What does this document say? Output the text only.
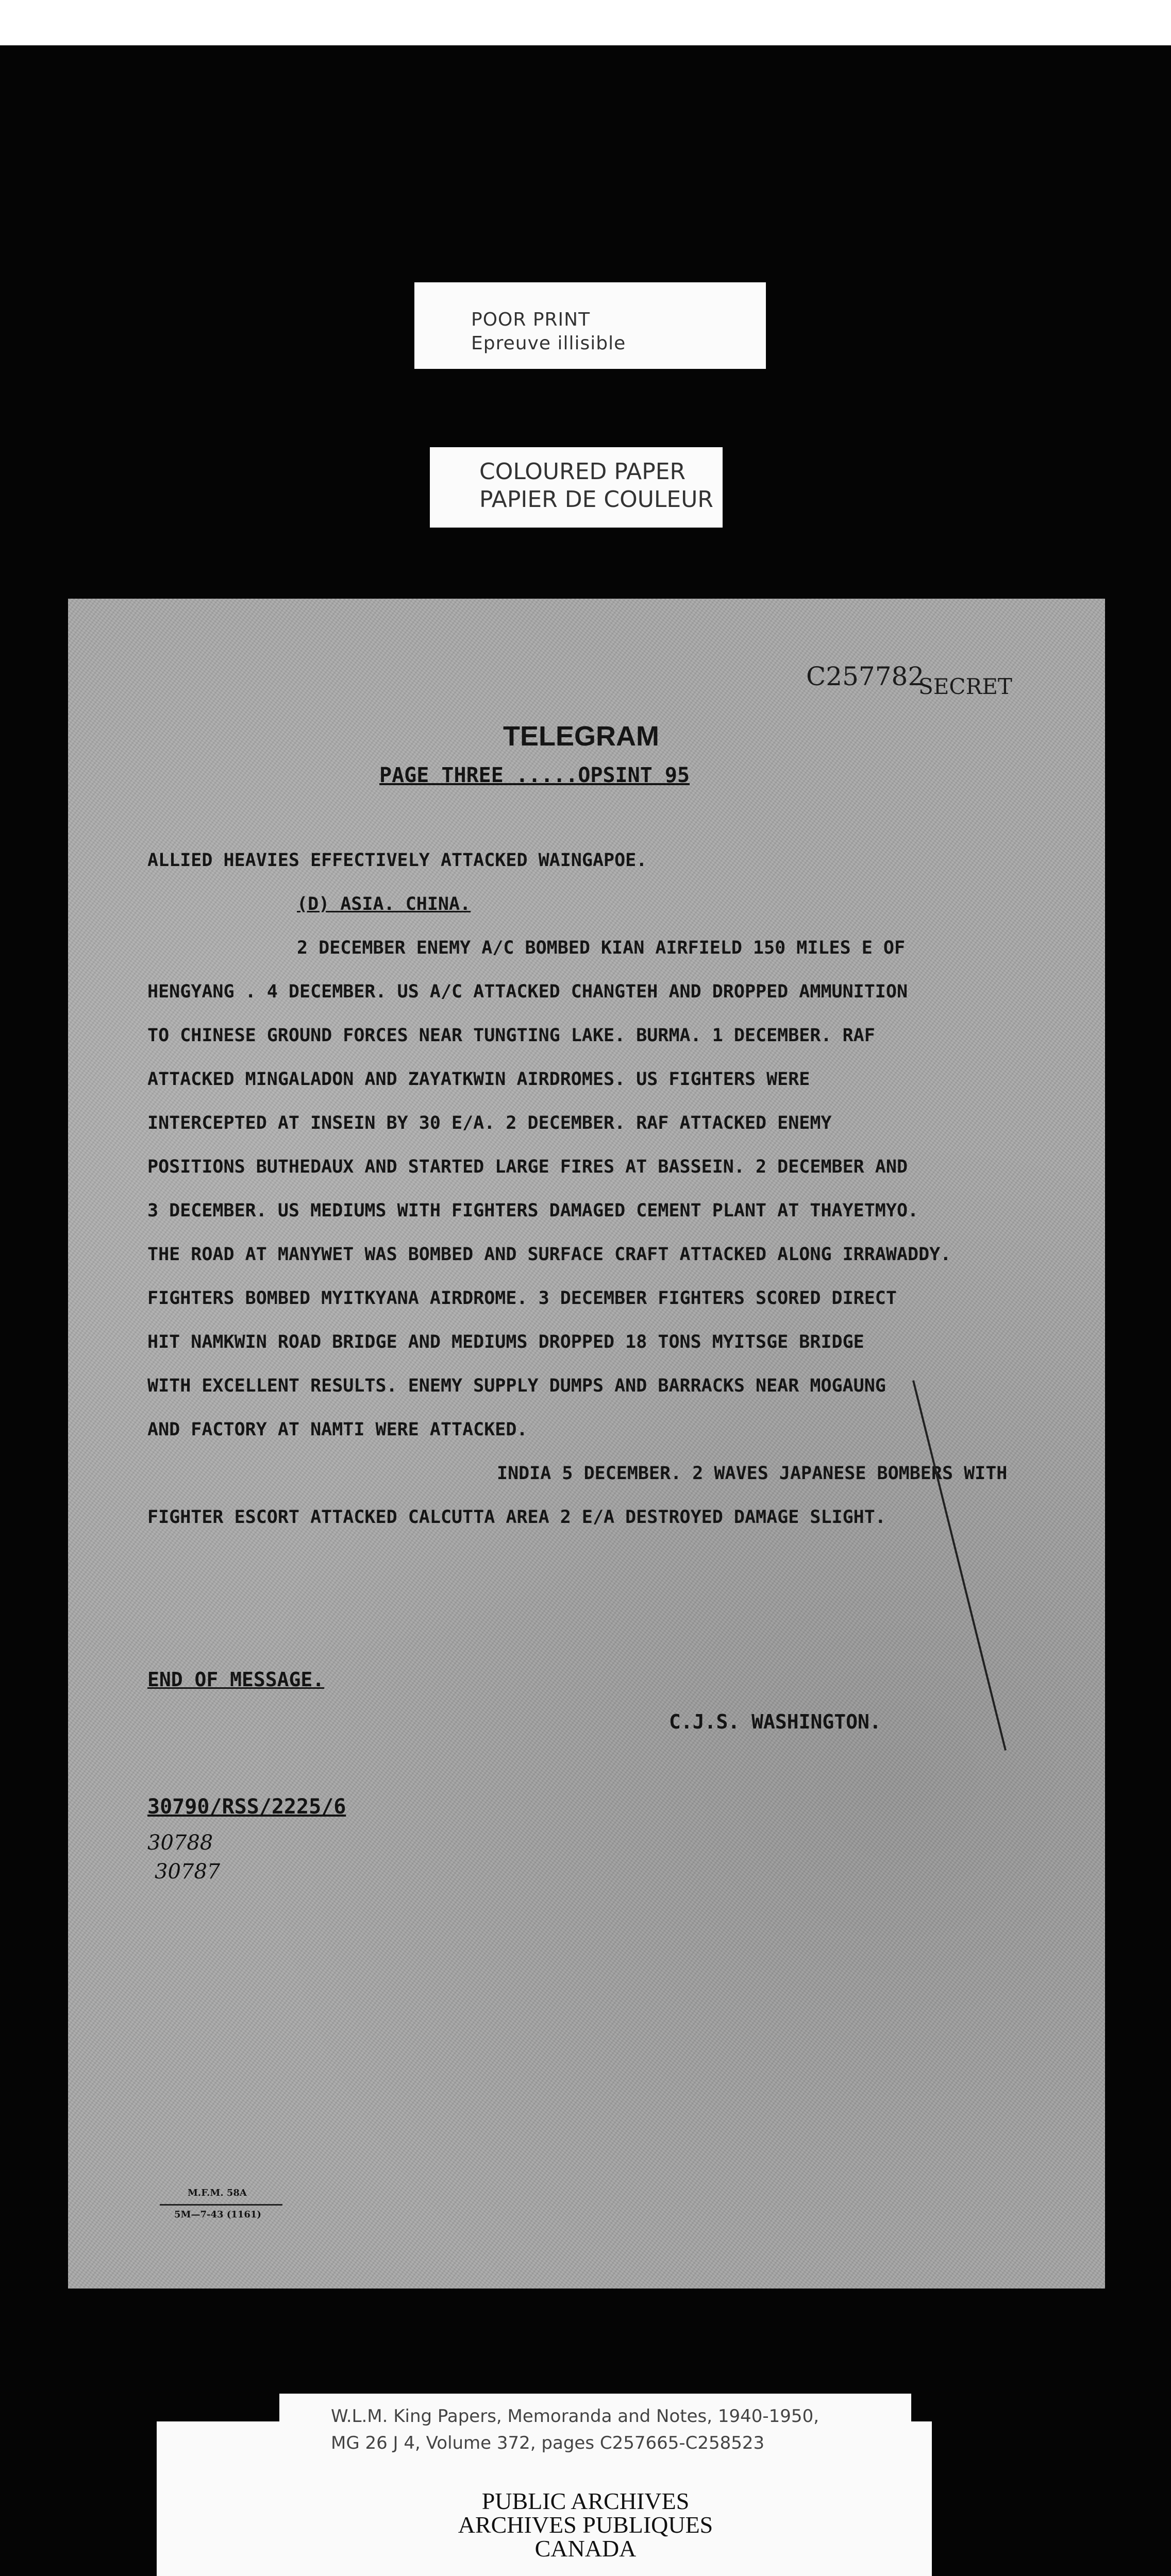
POOR PRINT
Epreuve illisible
COLOURED PAPER
PAPIER DE COULEUR
C257782
SECRET
TELEGRAM
PAGE THREE .....OPSINT 95
ALLIED HEAVIES EFFECTIVELY ATTACKED WAINGAPOE.
(D) ASIA. CHINA.
2 DECEMBER ENEMY A/C BOMBED KIAN AIRFIELD 150 MILES E OF
HENGYANG . 4 DECEMBER. US A/C ATTACKED CHANGTEH AND DROPPED AMMUNITION
TO CHINESE GROUND FORCES NEAR TUNGTING LAKE. BURMA. 1 DECEMBER. RAF
ATTACKED MINGALADON AND ZAYATKWIN AIRDROMES. US FIGHTERS WERE
INTERCEPTED AT INSEIN BY 30 E/A. 2 DECEMBER. RAF ATTACKED ENEMY
POSITIONS BUTHEDAUX AND STARTED LARGE FIRES AT BASSEIN. 2 DECEMBER AND
3 DECEMBER. US MEDIUMS WITH FIGHTERS DAMAGED CEMENT PLANT AT THAYETMYO.
THE ROAD AT MANYWET WAS BOMBED AND SURFACE CRAFT ATTACKED ALONG IRRAWADDY.
FIGHTERS BOMBED MYITKYANA AIRDROME. 3 DECEMBER FIGHTERS SCORED DIRECT
HIT NAMKWIN ROAD BRIDGE AND MEDIUMS DROPPED 18 TONS MYITSGE BRIDGE
WITH EXCELLENT RESULTS. ENEMY SUPPLY DUMPS AND BARRACKS NEAR MOGAUNG
AND FACTORY AT NAMTI WERE ATTACKED.
INDIA 5 DECEMBER. 2 WAVES JAPANESE BOMBERS WITH
FIGHTER ESCORT ATTACKED CALCUTTA AREA 2 E/A DESTROYED DAMAGE SLIGHT.
END OF MESSAGE.
C.J.S. WASHINGTON.
30790/RSS/2225/6
30788
30787
M.F.M. 58A
5M—7-43 (1161)
W.L.M. King Papers, Memoranda and Notes, 1940-1950,
MG 26 J 4, Volume 372, pages C257665-C258523
PUBLIC ARCHIVES
ARCHIVES PUBLIQUES
CANADA
